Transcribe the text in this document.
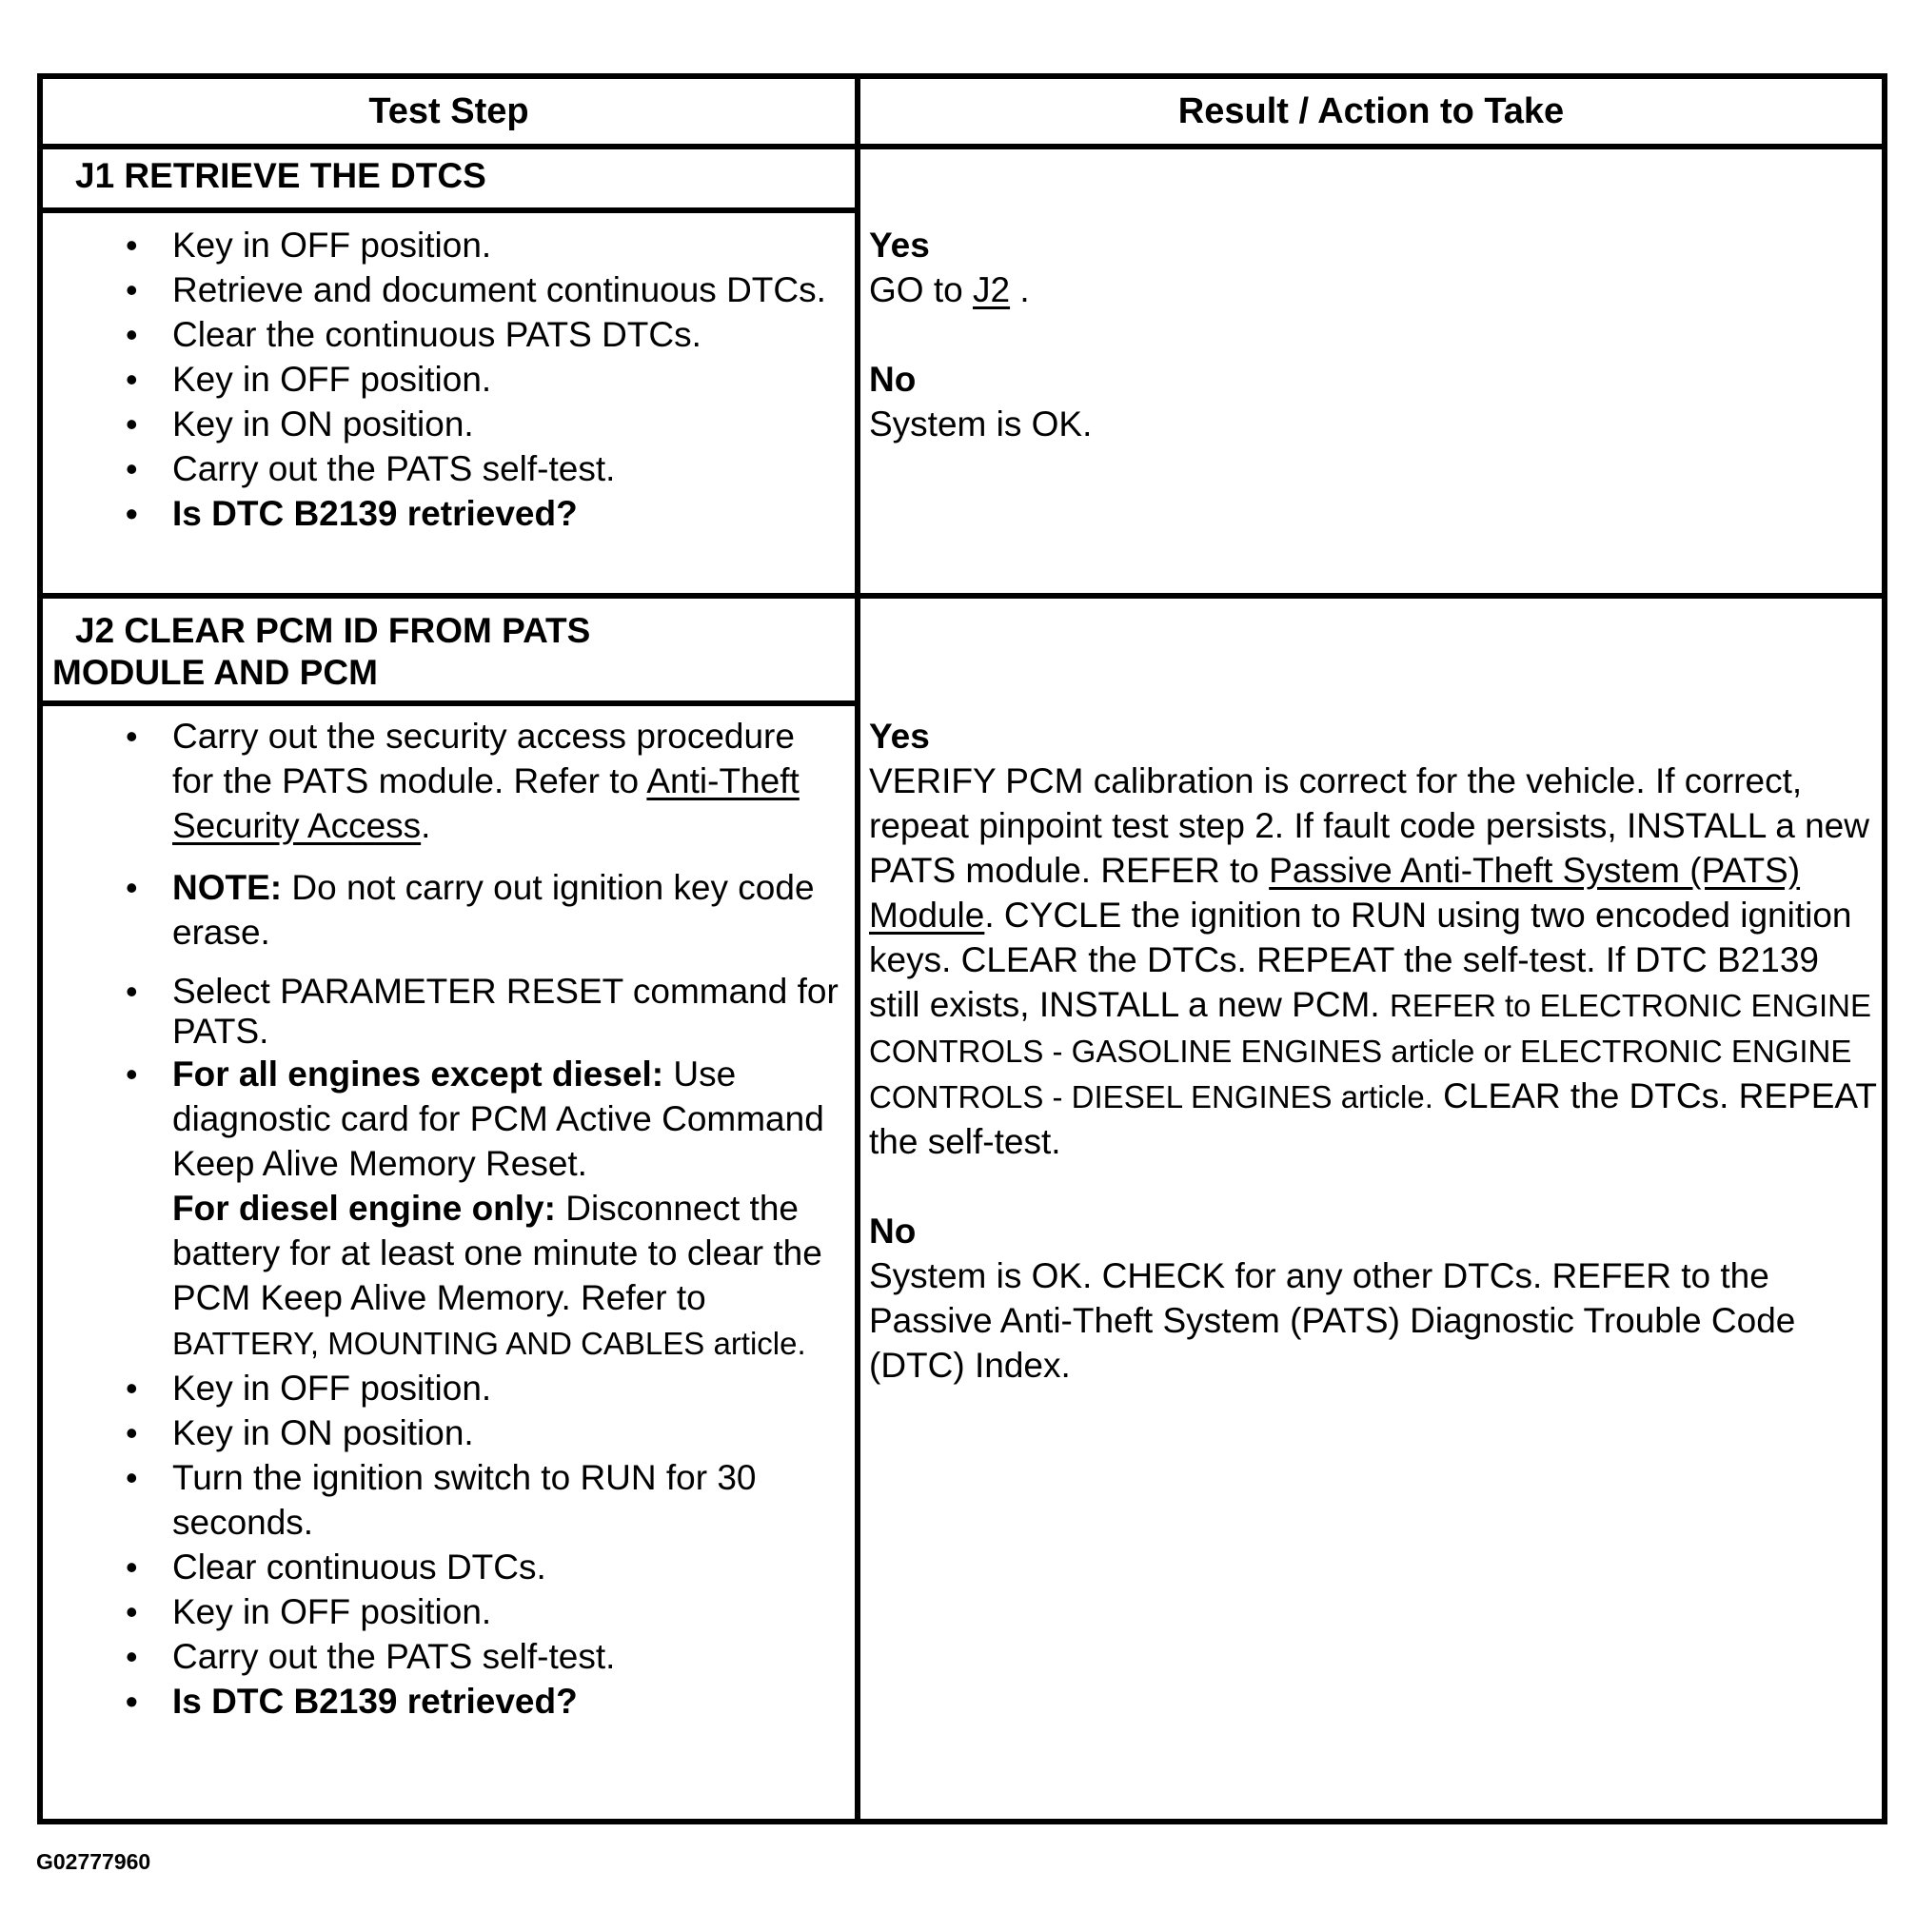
Test Step	Result / Action to Take
J1 RETRIEVE THE DTCS
• Key in OFF position.
• Retrieve and document continuous DTCs.
• Clear the continuous PATS DTCs.
• Key in OFF position.
• Key in ON position.
• Carry out the PATS self-test.
• Is DTC B2139 retrieved?
Yes
GO to J2 .
No
System is OK.
J2 CLEAR PCM ID FROM PATS
MODULE AND PCM
• Carry out the security access procedure for the PATS module. Refer to Anti-Theft Security Access.
• NOTE: Do not carry out ignition key code erase.
• Select PARAMETER RESET command for PATS.
• For all engines except diesel: Use diagnostic card for PCM Active Command Keep Alive Memory Reset.
For diesel engine only: Disconnect the battery for at least one minute to clear the PCM Keep Alive Memory. Refer to BATTERY, MOUNTING AND CABLES article.
• Key in OFF position.
• Key in ON position.
• Turn the ignition switch to RUN for 30 seconds.
• Clear continuous DTCs.
• Key in OFF position.
• Carry out the PATS self-test.
• Is DTC B2139 retrieved?
Yes
VERIFY PCM calibration is correct for the vehicle. If correct, repeat pinpoint test step 2. If fault code persists, INSTALL a new PATS module. REFER to Passive Anti-Theft System (PATS) Module. CYCLE the ignition to RUN using two encoded ignition keys. CLEAR the DTCs. REPEAT the self-test. If DTC B2139 still exists, INSTALL a new PCM. REFER to ELECTRONIC ENGINE CONTROLS - GASOLINE ENGINES article or ELECTRONIC ENGINE CONTROLS - DIESEL ENGINES article. CLEAR the DTCs. REPEAT the self-test.
No
System is OK. CHECK for any other DTCs. REFER to the Passive Anti-Theft System (PATS) Diagnostic Trouble Code (DTC) Index.
G02777960
